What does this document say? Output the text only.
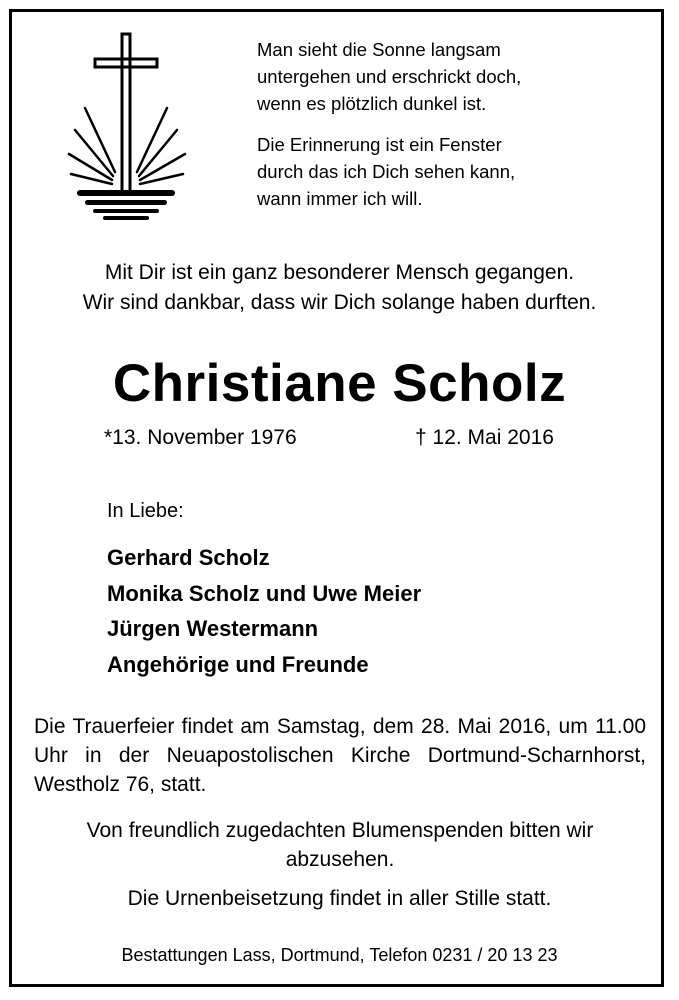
Man sieht die Sonne langsam
untergehen und erschrickt doch,
wenn es plötzlich dunkel ist.

Die Erinnerung ist ein Fenster
durch das ich Dich sehen kann,
wann immer ich will.

Mit Dir ist ein ganz besonderer Mensch gegangen.
Wir sind dankbar, dass wir Dich solange haben durften.
Christiane Scholz
*13. November 1976	† 12. Mai 2016
In Liebe:
Gerhard Scholz
Monika Scholz und Uwe Meier
Jürgen Westermann
Angehörige und Freunde
Die Trauerfeier findet am Samstag, dem 28. Mai 2016, um 11.00 Uhr in der Neuapostolischen Kirche Dortmund-Scharnhorst, Westholz 76, statt.
Von freundlich zugedachten Blumenspenden bitten wir abzusehen.
Die Urnenbeisetzung findet in aller Stille statt.
Bestattungen Lass, Dortmund, Telefon 0231 / 20 13 23
